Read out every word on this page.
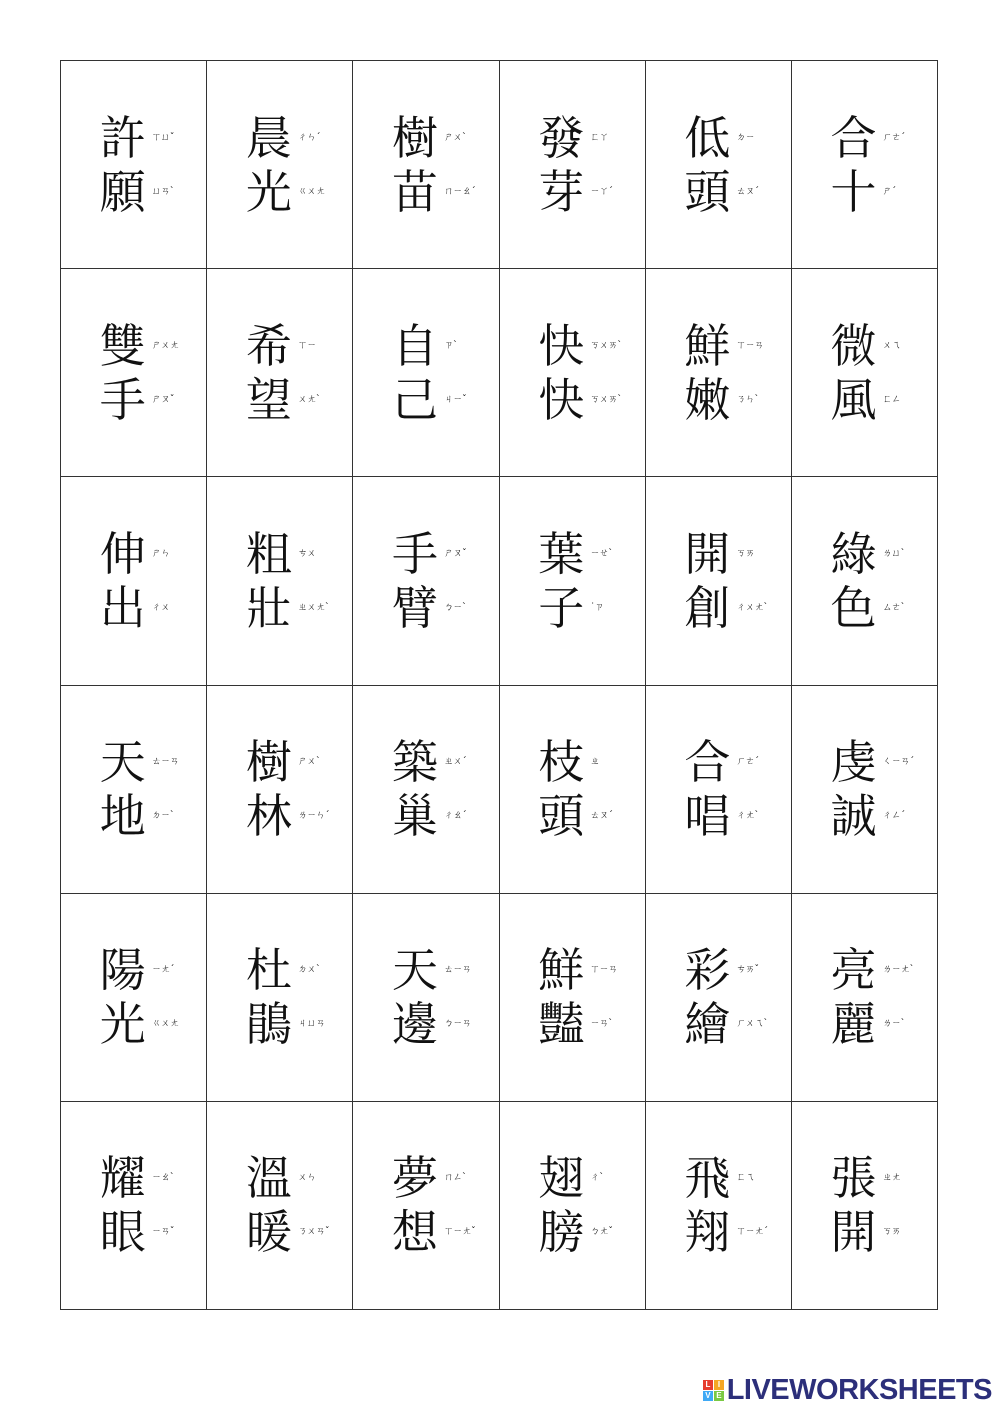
許 ㄒㄩˇ
願 ㄩㄢˋ
晨 ㄔㄣˊ
光 ㄍㄨㄤ
樹 ㄕㄨˋ
苗 ㄇㄧㄠˊ
發 ㄈㄚ
芽 ㄧㄚˊ
低 ㄉㄧ
頭 ㄊㄡˊ
合 ㄏㄜˊ
十 ㄕˊ
雙 ㄕㄨㄤ
手 ㄕㄡˇ
希 ㄒㄧ
望 ㄨㄤˋ
自 ㄗˋ
己 ㄐㄧˇ
快 ㄎㄨㄞˋ
快 ㄎㄨㄞˋ
鮮 ㄒㄧㄢ
嫩 ㄋㄣˋ
微 ㄨㄟ
風 ㄈㄥ
伸 ㄕㄣ
出 ㄔㄨ
粗 ㄘㄨ
壯 ㄓㄨㄤˋ
手 ㄕㄡˇ
臂 ㄅㄧˋ
葉 ㄧㄝˋ
子 ˙ㄗ
開 ㄎㄞ
創 ㄔㄨㄤˋ
綠 ㄌㄩˋ
色 ㄙㄜˋ
天 ㄊㄧㄢ
地 ㄉㄧˋ
樹 ㄕㄨˋ
林 ㄌㄧㄣˊ
築 ㄓㄨˊ
巢 ㄔㄠˊ
枝 ㄓ
頭 ㄊㄡˊ
合 ㄏㄜˊ
唱 ㄔㄤˋ
虔 ㄑㄧㄢˊ
誠 ㄔㄥˊ
陽 ㄧㄤˊ
光 ㄍㄨㄤ
杜 ㄉㄨˋ
鵑 ㄐㄩㄢ
天 ㄊㄧㄢ
邊 ㄅㄧㄢ
鮮 ㄒㄧㄢ
豔 ㄧㄢˋ
彩 ㄘㄞˇ
繪 ㄏㄨㄟˋ
亮 ㄌㄧㄤˋ
麗 ㄌㄧˋ
耀 ㄧㄠˋ
眼 ㄧㄢˇ
溫 ㄨㄣ
暖 ㄋㄨㄢˇ
夢 ㄇㄥˋ
想 ㄒㄧㄤˇ
翅 ㄔˋ
膀 ㄅㄤˇ
飛 ㄈㄟ
翔 ㄒㄧㄤˊ
張 ㄓㄤ
開 ㄎㄞ
L I
V E LIVEWORKSHEETS
